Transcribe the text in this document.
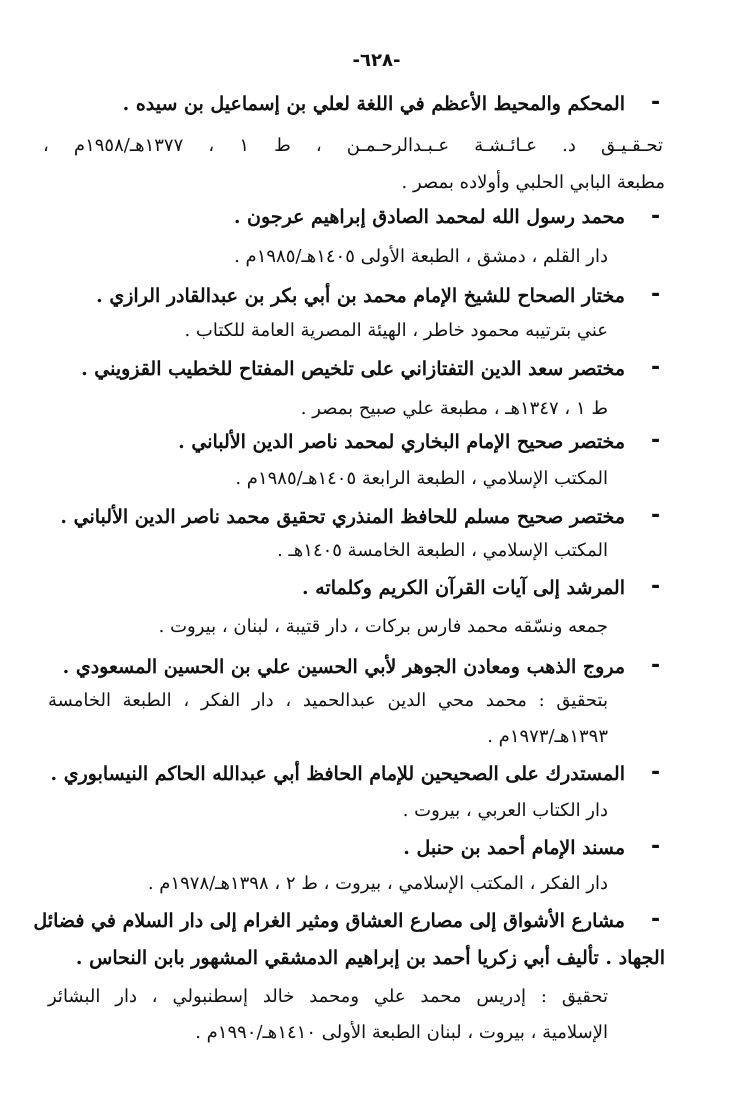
-٦٢٨-
-
المحكم والمحيط الأعظم في اللغة لعلي بن إسماعيل بن سيده .
تحـقـيـق د. عـائـشـة عـبـدالرحـمـن ، ط ١ ، ١٣٧٧هـ/١٩٥٨م ،
مطبعة البابي الحلبي وأولاده بمصر .
-
محمد رسول الله لمحمد الصادق إبراهيم عرجون .
دار القلم ، دمشق ، الطبعة الأولى ١٤٠٥هـ/١٩٨٥م .
-
مختار الصحاح للشيخ الإمام محمد بن أبي بكر بن عبدالقادر الرازي .
عني بترتيبه محمود خاطر ، الهيئة المصرية العامة للكتاب .
-
مختصر سعد الدين التفتازاني على تلخيص المفتاح للخطيب القزويني .
ط ١ ، ١٣٤٧هـ ، مطبعة علي صبيح بمصر .
-
مختصر صحيح الإمام البخاري لمحمد ناصر الدين الألباني .
المكتب الإسلامي ، الطبعة الرابعة ١٤٠٥هـ/١٩٨٥م .
-
مختصر صحيح مسلم للحافظ المنذري تحقيق محمد ناصر الدين الألباني .
المكتب الإسلامي ، الطبعة الخامسة ١٤٠٥هـ .
-
المرشد إلى آيات القرآن الكريم وكلماته .
جمعه ونسّقه محمد فارس بركات ، دار قتيبة ، لبنان ، بيروت .
-
مروج الذهب ومعادن الجوهر لأبي الحسين علي بن الحسين المسعودي .
بتحقيق : محمد محي الدين عبدالحميد ، دار الفكر ، الطبعة الخامسة
١٣٩٣هـ/١٩٧٣م .
-
المستدرك على الصحيحين للإمام الحافظ أبي عبدالله الحاكم النيسابوري .
دار الكتاب العربي ، بيروت .
-
مسند الإمام أحمد بن حنبل .
دار الفكر ، المكتب الإسلامي ، بيروت ، ط ٢ ، ١٣٩٨هـ/١٩٧٨م .
-
مشارع الأشواق إلى مصارع العشاق ومثير الغرام إلى دار السلام في فضائل
الجهاد . تأليف أبي زكريا أحمد بن إبراهيم الدمشقي المشهور بابن النحاس .
تحقيق : إدريس محمد علي ومحمد خالد إسطنبولي ، دار البشائر
الإسلامية ، بيروت ، لبنان الطبعة الأولى ١٤١٠هـ/١٩٩٠م .
